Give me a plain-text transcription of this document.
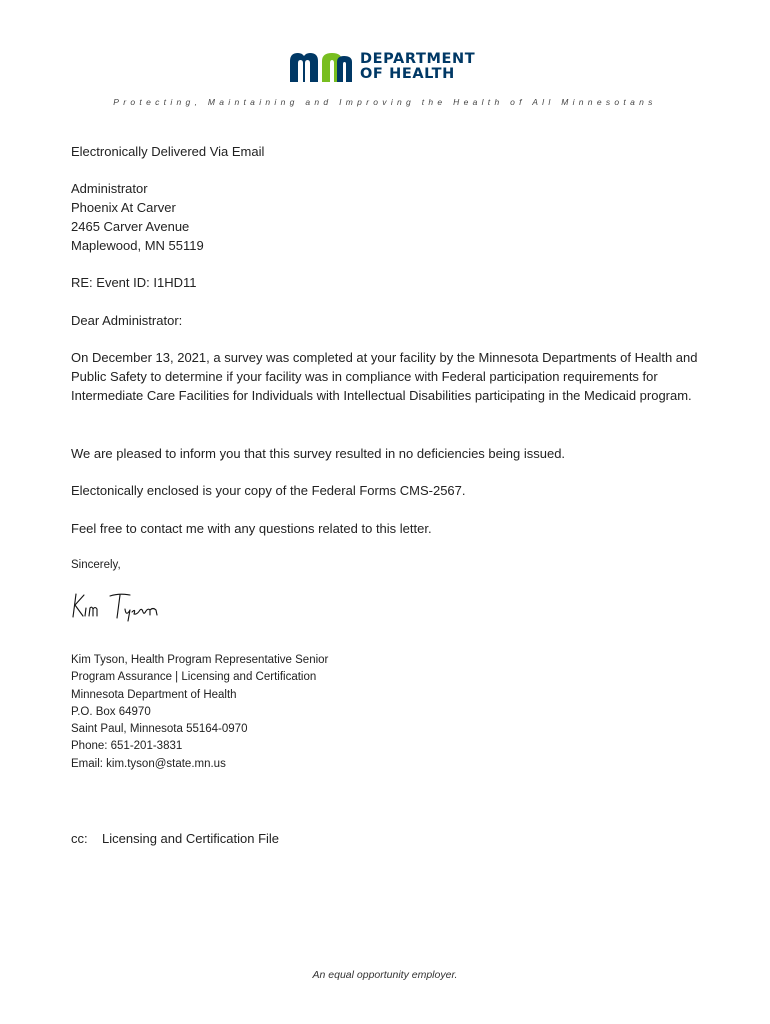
DEPARTMENT
OF HEALTH
Protecting, Maintaining and Improving the Health of All Minnesotans
Electronically Delivered Via Email
Administrator
Phoenix At Carver
2465 Carver Avenue
Maplewood, MN 55119
RE: Event ID: I1HD11
Dear Administrator:
On December 13, 2021, a survey was completed at your facility by the Minnesota Departments of Health and Public Safety to determine if your facility was in compliance with Federal participation requirements for Intermediate Care Facilities for Individuals with Intellectual Disabilities participating in the Medicaid program.
We are pleased to inform you that this survey resulted in no deficiencies being issued.
Electonically enclosed is your copy of the Federal Forms CMS-2567.
Feel free to contact me with any questions related to this letter.
Sincerely,
Kim Tyson, Health Program Representative Senior
Program Assurance | Licensing and Certification
Minnesota Department of Health
P.O. Box 64970
Saint Paul, Minnesota 55164-0970
Phone: 651-201-3831
Email: kim.tyson@state.mn.us
cc:	Licensing and Certification File
An equal opportunity employer.
